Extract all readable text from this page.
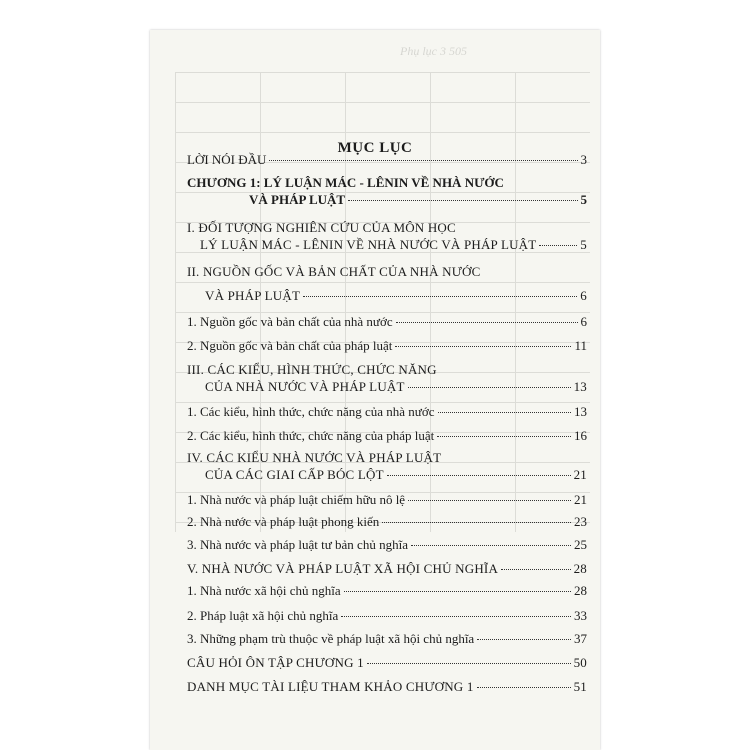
Phụ lục 3 505
MỤC LỤC
LỜI NÓI ĐẦU	3
CHƯƠNG 1: LÝ LUẬN MÁC - LÊNIN VỀ NHÀ NƯỚC
VÀ PHÁP LUẬT	5
I. ĐỐI TƯỢNG NGHIÊN CỨU CỦA MÔN HỌC
LÝ LUẬN MÁC - LÊNIN VỀ NHÀ NƯỚC VÀ PHÁP LUẬT	5
II. NGUỒN GỐC VÀ BẢN CHẤT CỦA NHÀ NƯỚC
VÀ PHÁP LUẬT	6
1. Nguồn gốc và bản chất của nhà nước	6
2. Nguồn gốc và bản chất của pháp luật	11
III. CÁC KIỂU, HÌNH THỨC, CHỨC NĂNG
CỦA NHÀ NƯỚC VÀ PHÁP LUẬT	13
1. Các kiểu, hình thức, chức năng của nhà nước	13
2. Các kiểu, hình thức, chức năng của pháp luật	16
IV. CÁC KIỂU NHÀ NƯỚC VÀ PHÁP LUẬT
CỦA CÁC GIAI CẤP BÓC LỘT	21
1. Nhà nước và pháp luật chiếm hữu nô lệ	21
2. Nhà nước và pháp luật phong kiến	23
3. Nhà nước và pháp luật tư bản chủ nghĩa	25
V. NHÀ NƯỚC VÀ PHÁP LUẬT XÃ HỘI CHỦ NGHĨA	28
1. Nhà nước xã hội chủ nghĩa	28
2. Pháp luật xã hội chủ nghĩa	33
3. Những phạm trù thuộc về pháp luật xã hội chủ nghĩa	37
CÂU HỎI ÔN TẬP CHƯƠNG 1	50
DANH MỤC TÀI LIỆU THAM KHẢO CHƯƠNG 1	51
